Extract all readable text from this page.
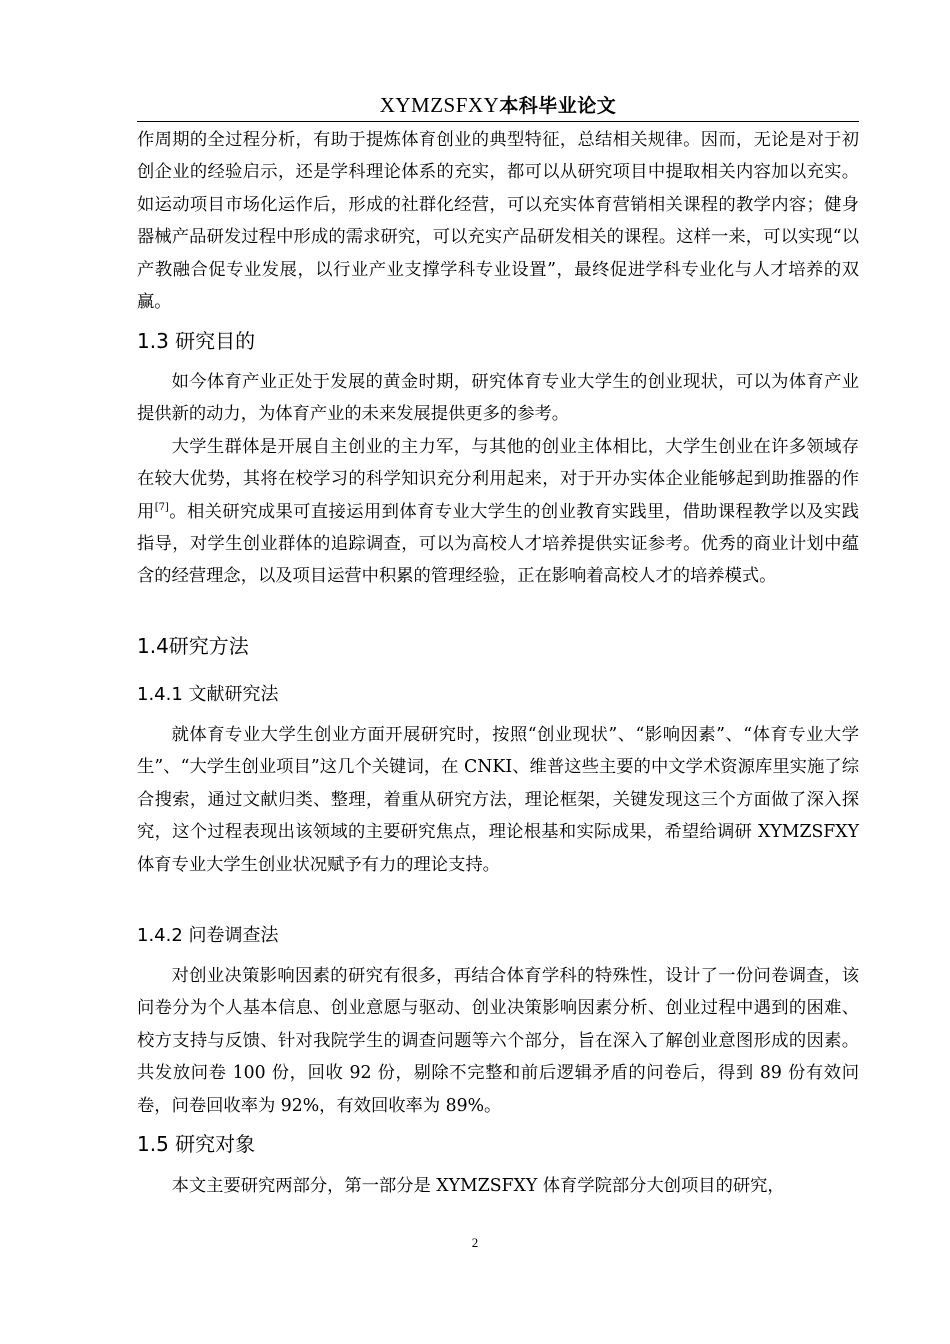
XYMZSFXY本科毕业论文

作周期的全过程分析，有助于提炼体育创业的典型特征，总结相关规律。因而，无论是对于初创企业的经验启示，还是学科理论体系的充实，都可以从研究项目中提取相关内容加以充实。如运动项目市场化运作后，形成的社群化经营，可以充实体育营销相关课程的教学内容；健身器械产品研发过程中形成的需求研究，可以充实产品研发相关的课程。这样一来，可以实现“以产教融合促专业发展，以行业产业支撑学科专业设置”，最终促进学科专业化与人才培养的双赢。

1.3 研究目的

如今体育产业正处于发展的黄金时期，研究体育专业大学生的创业现状，可以为体育产业提供新的动力，为体育产业的未来发展提供更多的参考。

大学生群体是开展自主创业的主力军，与其他的创业主体相比，大学生创业在许多领域存在较大优势，其将在校学习的科学知识充分利用起来，对于开办实体企业能够起到助推器的作用[7]。相关研究成果可直接运用到体育专业大学生的创业教育实践里，借助课程教学以及实践指导，对学生创业群体的追踪调查，可以为高校人才培养提供实证参考。优秀的商业计划中蕴含的经营理念，以及项目运营中积累的管理经验，正在影响着高校人才的培养模式。

1.4研究方法
1.4.1 文献研究法

就体育专业大学生创业方面开展研究时，按照“创业现状”、“影响因素”、“体育专业大学生”、“大学生创业项目”这几个关键词，在 CNKI、维普这些主要的中文学术资源库里实施了综合搜索，通过文献归类、整理，着重从研究方法，理论框架，关键发现这三个方面做了深入探究，这个过程表现出该领域的主要研究焦点，理论根基和实际成果，希望给调研 XYMZSFXY 体育专业大学生创业状况赋予有力的理论支持。

1.4.2 问卷调查法

对创业决策影响因素的研究有很多，再结合体育学科的特殊性，设计了一份问卷调查，该问卷分为个人基本信息、创业意愿与驱动、创业决策影响因素分析、创业过程中遇到的困难、校方支持与反馈、针对我院学生的调查问题等六个部分，旨在深入了解创业意图形成的因素。共发放问卷 100 份，回收 92 份，剔除不完整和前后逻辑矛盾的问卷后，得到 89 份有效问卷，问卷回收率为 92%，有效回收率为 89%。

1.5 研究对象

本文主要研究两部分，第一部分是 XYMZSFXY 体育学院部分大创项目的研究，

2
